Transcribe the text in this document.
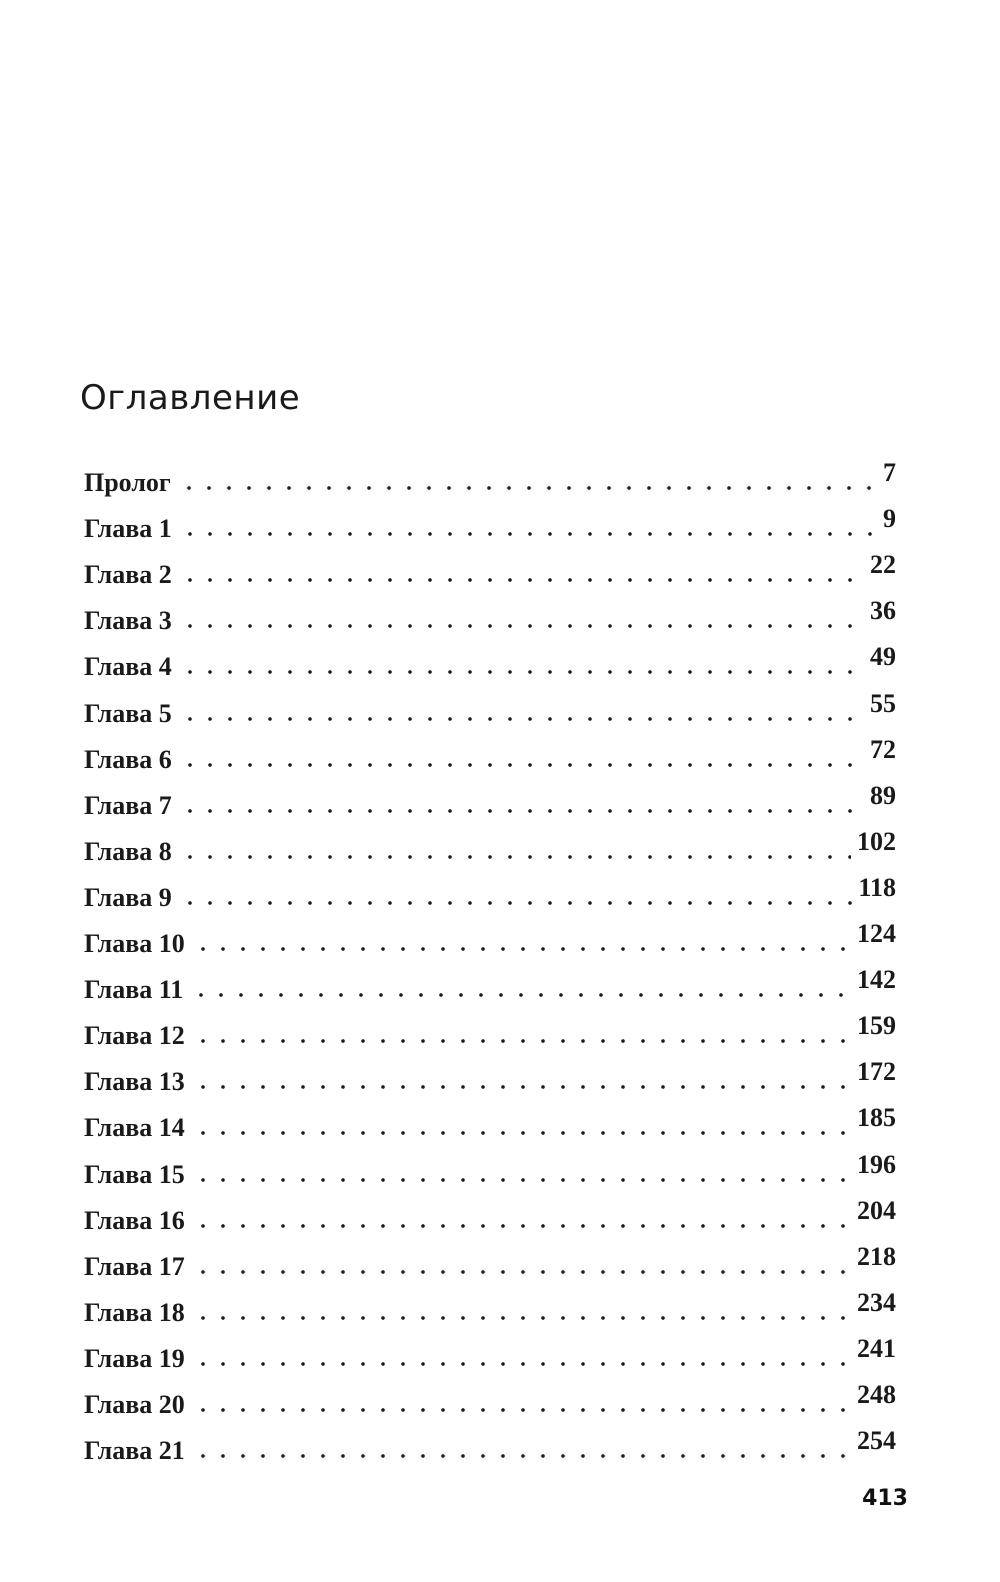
Оглавление
Пролог	7
Глава 1	9
Глава 2	22
Глава 3	36
Глава 4	49
Глава 5	55
Глава 6	72
Глава 7	89
Глава 8	102
Глава 9	118
Глава 10	124
Глава 11	142
Глава 12	159
Глава 13	172
Глава 14	185
Глава 15	196
Глава 16	204
Глава 17	218
Глава 18	234
Глава 19	241
Глава 20	248
Глава 21	254
413
